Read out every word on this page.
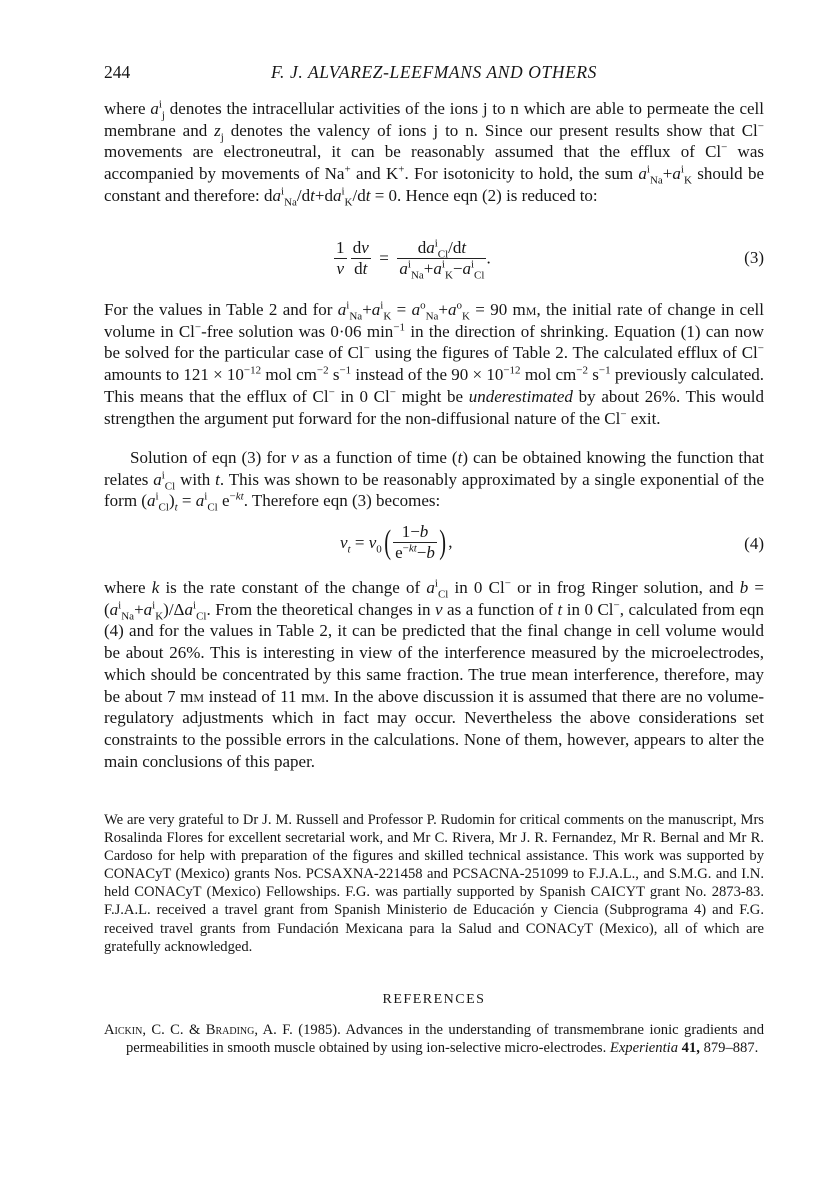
244	F. J. ALVAREZ-LEEFMANS AND OTHERS

where $a^i_j$ denotes the intracellular activities of the ions j to n which are able to permeate the cell membrane and $z_j$ denotes the valency of ions j to n. Since our present results show that Cl− movements are electroneutral, it can be reasonably assumed that the efflux of Cl− was accompanied by movements of Na+ and K+. For isotonicity to hold, the sum $a^i_{Na}+a^i_K$ should be constant and therefore: $da^i_{Na}/dt+da^i_K/dt = 0$. Hence eqn (2) is reduced to:

$\frac{1}{v}$
$\frac{dv}{dt} = \frac{da^i_{Cl}/dt}{a^i_{Na}+a^i_K-a^i_{Cl}}$ .	(3)

For the values in Table 2 and for $a^i_{Na}+a^i_K = a^o_{Na}+a^o_K = 90$ mm, the initial rate of change in cell volume in Cl−-free solution was 0·06 $\min^{-1}$ in the direction of shrinking. Equation (1) can now be solved for the particular case of Cl− using the figures of Table 2. The calculated efflux of Cl− amounts to $121 \times 10^{-12}$ mol $cm^{-2}$ $s^{-1}$ instead of the $90 \times 10^{-12}$ mol $cm^{-2}$ $s^{-1}$ previously calculated. This means that the efflux of Cl− in 0 Cl− might be underestimated by about 26%. This would strengthen the argument put forward for the non-diffusional nature of the Cl− exit.

Solution of eqn (3) for v as a function of time (t) can be obtained knowing the function that relates $a^i_{Cl}$ with t. This was shown to be reasonably approximated by a single exponential of the form $(a^i_{Cl})_t = a^i_{Cl}$ $e^{-kt}$. Therefore eqn (3) becomes:

$v_t = v_0( \frac{1-b}{e^{-kt}-b}$ ) ,	(4)

where k is the rate constant of the change of $a^i_{Cl}$ in 0 Cl− or in frog Ringer solution, and $b = (a^i_{Na}+a^i_K)/\Delta a^i_{Cl}$. From the theoretical changes in v as a function of t in 0 Cl−, calculated from eqn (4) and for the values in Table 2, it can be predicted that the final change in cell volume would be about 26%. This is interesting in view of the interference measured by the microelectrodes, which should be concentrated by this same fraction. The true mean interference, therefore, may be about 7 mm instead of 11 mm. In the above discussion it is assumed that there are no volume-regulatory adjustments which in fact may occur. Nevertheless the above considerations set constraints to the possible errors in the calculations. None of them, however, appears to alter the main conclusions of this paper.

We are very grateful to Dr J. M. Russell and Professor P. Rudomin for critical comments on the manuscript, Mrs Rosalinda Flores for excellent secretarial work, and Mr C. Rivera, Mr J. R. Fernandez, Mr R. Bernal and Mr R. Cardoso for help with preparation of the figures and skilled technical assistance. This work was supported by CONACyT (Mexico) grants Nos. PCSAXNA-221458 and PCSACNA-251099 to F.J.A.L., and S.M.G. and I.N. held CONACyT (Mexico) Fellowships. F.G. was partially supported by Spanish CAICYT grant No. 2873-83. F.J.A.L. received a travel grant from Spanish Ministerio de Educación y Ciencia (Subprograma 4) and F.G. received travel grants from Fundación Mexicana para la Salud and CONACyT (Mexico), all of which are gratefully acknowledged.
REFERENCES
Aickin, C. C. & Brading, A. F. (1985). Advances in the understanding of transmembrane ionic gradients and permeabilities in smooth muscle obtained by using ion-selective micro-electrodes. Experientia 41, 879–887.
